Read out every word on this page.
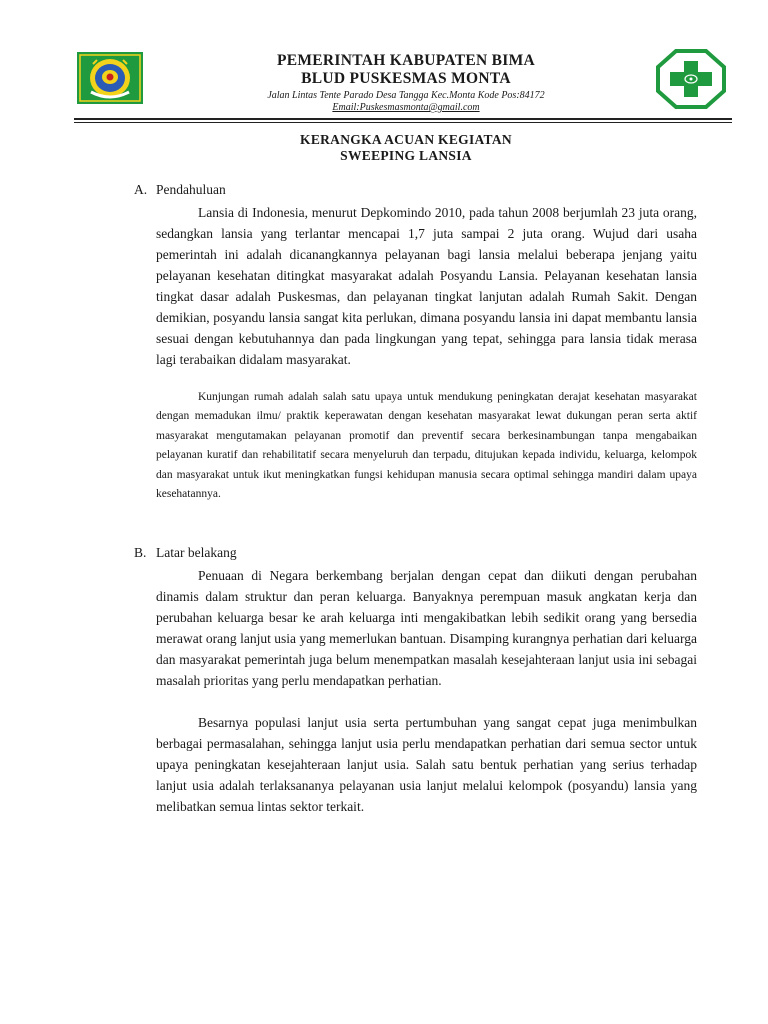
PEMERINTAH KABUPATEN BIMA
BLUD PUSKESMAS MONTA
Jalan Lintas Tente Parado Desa Tangga Kec.Monta Kode Pos:84172
Email:Puskesmasmonta@gmail.com
KERANGKA ACUAN KEGIATAN
SWEEPING LANSIA
A. Pendahuluan

Lansia di Indonesia, menurut Depkomindo 2010, pada tahun 2008 berjumlah 23 juta orang, sedangkan lansia yang terlantar mencapai 1,7 juta sampai 2 juta orang. Wujud dari usaha pemerintah ini adalah dicanangkannya pelayanan bagi lansia melalui beberapa jenjang yaitu pelayanan kesehatan ditingkat masyarakat adalah Posyandu Lansia. Pelayanan kesehatan lansia tingkat dasar adalah Puskesmas, dan pelayanan tingkat lanjutan adalah Rumah Sakit. Dengan demikian, posyandu lansia sangat kita perlukan, dimana posyandu lansia ini dapat membantu lansia sesuai dengan kebutuhannya dan pada lingkungan yang tepat, sehingga para lansia tidak merasa lagi terabaikan didalam masyarakat.

Kunjungan rumah adalah salah satu upaya untuk mendukung peningkatan derajat kesehatan masyarakat dengan memadukan ilmu/ praktik keperawatan dengan kesehatan masyarakat lewat dukungan peran serta aktif masyarakat mengutamakan pelayanan promotif dan preventif secara berkesinambungan tanpa mengabaikan pelayanan kuratif dan rehabilitatif secara menyeluruh dan terpadu, ditujukan kepada individu, keluarga, kelompok dan masyarakat untuk ikut meningkatkan fungsi kehidupan manusia secara optimal sehingga mandiri dalam upaya kesehatannya.

B. Latar belakang

Penuaan di Negara berkembang berjalan dengan cepat dan diikuti dengan perubahan dinamis dalam struktur dan peran keluarga. Banyaknya perempuan masuk angkatan kerja dan perubahan keluarga besar ke arah keluarga inti mengakibatkan lebih sedikit orang yang bersedia merawat orang lanjut usia yang memerlukan bantuan. Disamping kurangnya perhatian dari keluarga dan masyarakat pemerintah juga belum menempatkan masalah kesejahteraan lanjut usia ini sebagai masalah prioritas yang perlu mendapatkan perhatian.

Besarnya populasi lanjut usia serta pertumbuhan yang sangat cepat juga menimbulkan berbagai permasalahan, sehingga lanjut usia perlu mendapatkan perhatian dari semua sector untuk upaya peningkatan kesejahteraan lanjut usia. Salah satu bentuk perhatian yang serius terhadap lanjut usia adalah terlaksananya pelayanan usia lanjut melalui kelompok (posyandu) lansia yang melibatkan semua lintas sektor terkait.
